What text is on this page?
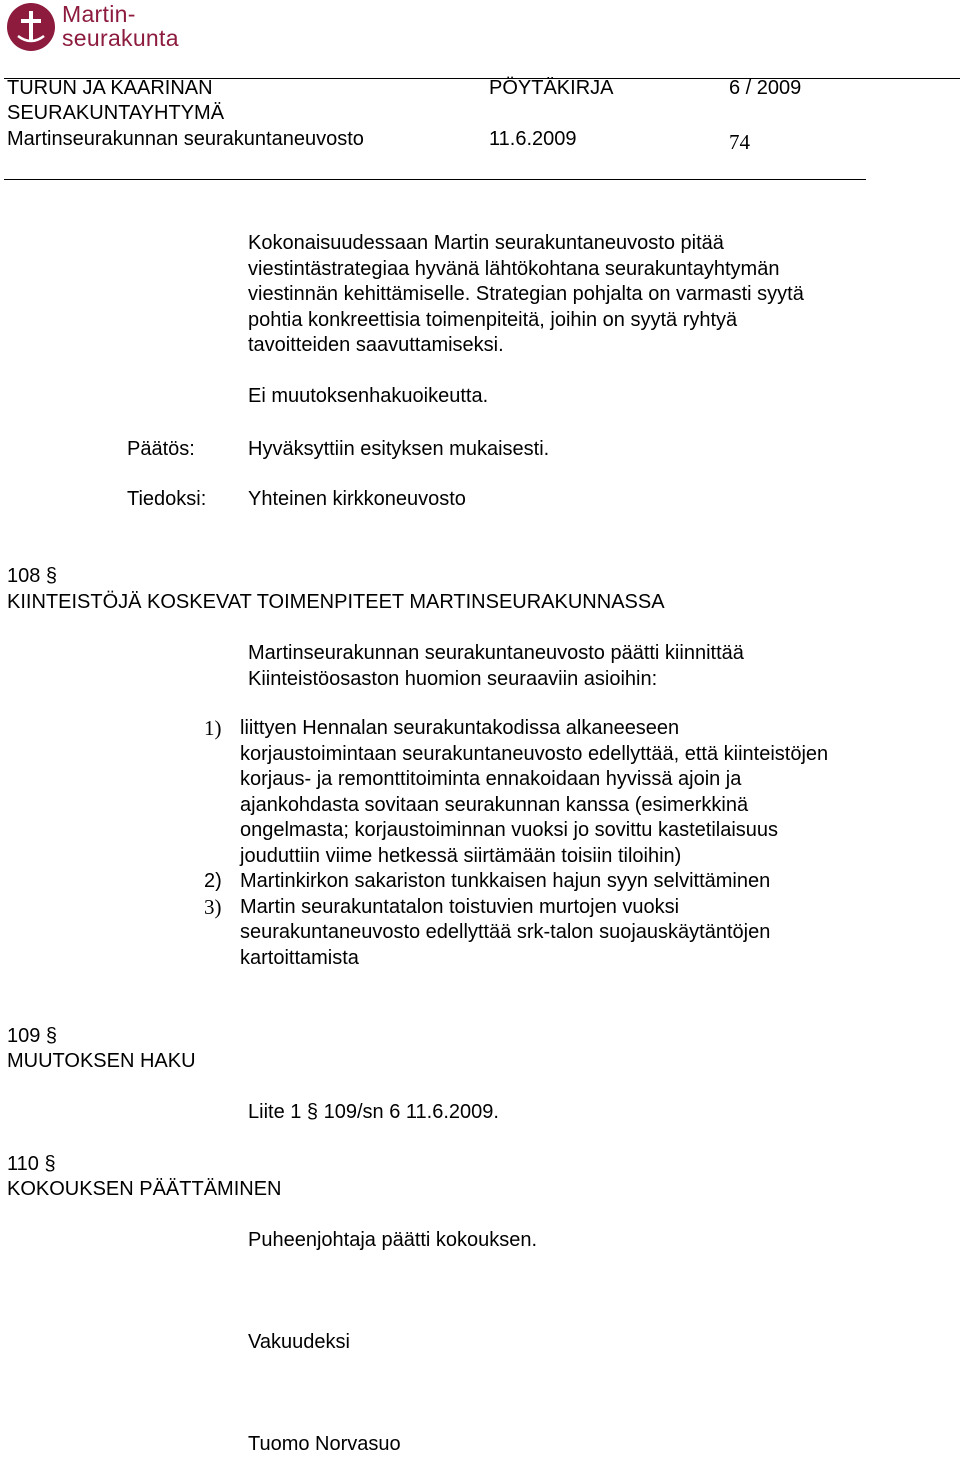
Martin-
seurakunta
TURUN JA KAARINAN
SEURAKUNTAYHTYMÄ
PÖYTÄKIRJA	6 / 2009
Martinseurakunnan seurakuntaneuvosto	11.6.2009	74
Kokonaisuudessaan Martin seurakuntaneuvosto pitää
viestintästrategiaa hyvänä lähtökohtana seurakuntayhtymän
viestinnän kehittämiselle. Strategian pohjalta on varmasti syytä
pohtia konkreettisia toimenpiteitä, joihin on syytä ryhtyä
tavoitteiden saavuttamiseksi.
Ei muutoksenhakuoikeutta.
Päätös:	Hyväksyttiin esityksen mukaisesti.
Tiedoksi: Yhteinen kirkkoneuvosto
108 §
KIINTEISTÖJÄ KOSKEVAT TOIMENPITEET MARTINSEURAKUNNASSA
Martinseurakunnan seurakuntaneuvosto päätti kiinnittää
Kiinteistöosaston huomion seuraaviin asioihin:
1) liittyen Hennalan seurakuntakodissa alkaneeseen
korjaustoimintaan seurakuntaneuvosto edellyttää, että kiinteistöjen
korjaus- ja remonttitoiminta ennakoidaan hyvissä ajoin ja
ajankohdasta sovitaan seurakunnan kanssa (esimerkkinä
ongelmasta; korjaustoiminnan vuoksi jo sovittu kastetilaisuus
jouduttiin viime hetkessä siirtämään toisiin tiloihin)
2) Martinkirkon sakariston tunkkaisen hajun syyn selvittäminen
3) Martin seurakuntatalon toistuvien murtojen vuoksi
seurakuntaneuvosto edellyttää srk-talon suojauskäytäntöjen
kartoittamista
109 §
MUUTOKSEN HAKU
Liite 1 § 109/sn 6 11.6.2009.
110 §
KOKOUKSEN PÄÄTTÄMINEN
Puheenjohtaja päätti kokouksen.
Vakuudeksi
Tuomo Norvasuo
